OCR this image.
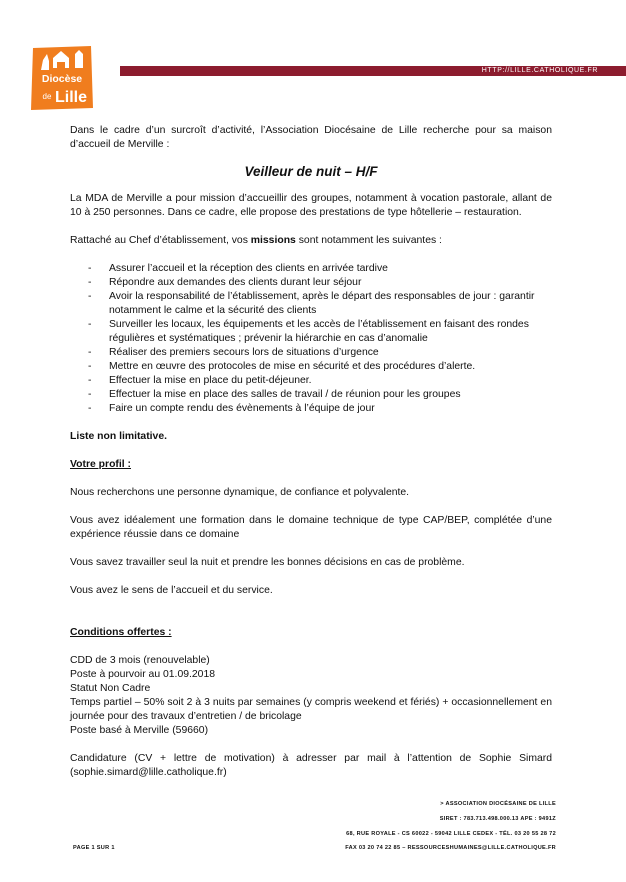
Diocèse
de Lille
HTTP://LILLE.CATHOLIQUE.FR

Dans le cadre d’un surcroît d’activité, l’Association Diocésaine de Lille recherche pour sa maison d’accueil de Merville :

Veilleur de nuit – H/F

La MDA de Merville a pour mission d’accueillir des groupes, notamment à vocation pastorale, allant de 10 à 250 personnes. Dans ce cadre, elle propose des prestations de type hôtellerie – restauration.

Rattaché au Chef d’établissement, vos missions sont notamment les suivantes :

- Assurer l’accueil et la réception des clients en arrivée tardive
- Répondre aux demandes des clients durant leur séjour
- Avoir la responsabilité de l’établissement, après le départ des responsables de jour : garantir notamment le calme et la sécurité des clients
- Surveiller les locaux, les équipements et les accès de l’établissement en faisant des rondes régulières et systématiques ; prévenir la hiérarchie en cas d’anomalie
- Réaliser des premiers secours lors de situations d’urgence
- Mettre en œuvre des protocoles de mise en sécurité et des procédures d’alerte.
- Effectuer la mise en place du petit-déjeuner.
- Effectuer la mise en place des salles de travail / de réunion pour les groupes
- Faire un compte rendu des évènements à l’équipe de jour

Liste non limitative.

Votre profil :

Nous recherchons une personne dynamique, de confiance et polyvalente.

Vous avez idéalement une formation dans le domaine technique de type CAP/BEP, complétée d’une expérience réussie dans ce domaine

Vous savez travailler seul la nuit et prendre les bonnes décisions en cas de problème.

Vous avez le sens de l’accueil et du service.

Conditions offertes :

CDD de 3 mois (renouvelable)

Poste à pourvoir au 01.09.2018

Statut Non Cadre

Temps partiel – 50% soit 2 à 3 nuits par semaines (y compris weekend et fériés) + occasionnellement en journée pour des travaux d’entretien / de bricolage

Poste basé à Merville (59660)

Candidature (CV + lettre de motivation) à adresser par mail à l’attention de Sophie Simard (sophie.simard@lille.catholique.fr)

> ASSOCIATION DIOCÉSAINE DE LILLE
SIRET : 783.713.498.000.13 APE : 9491Z
68, RUE ROYALE - CS 60022 - 59042 LILLE CEDEX - TÉL. 03 20 55 28 72
FAX 03 20 74 22 85 – RESSOURCESHUMAINES@LILLE.CATHOLIQUE.FR
PAGE 1 SUR 1
